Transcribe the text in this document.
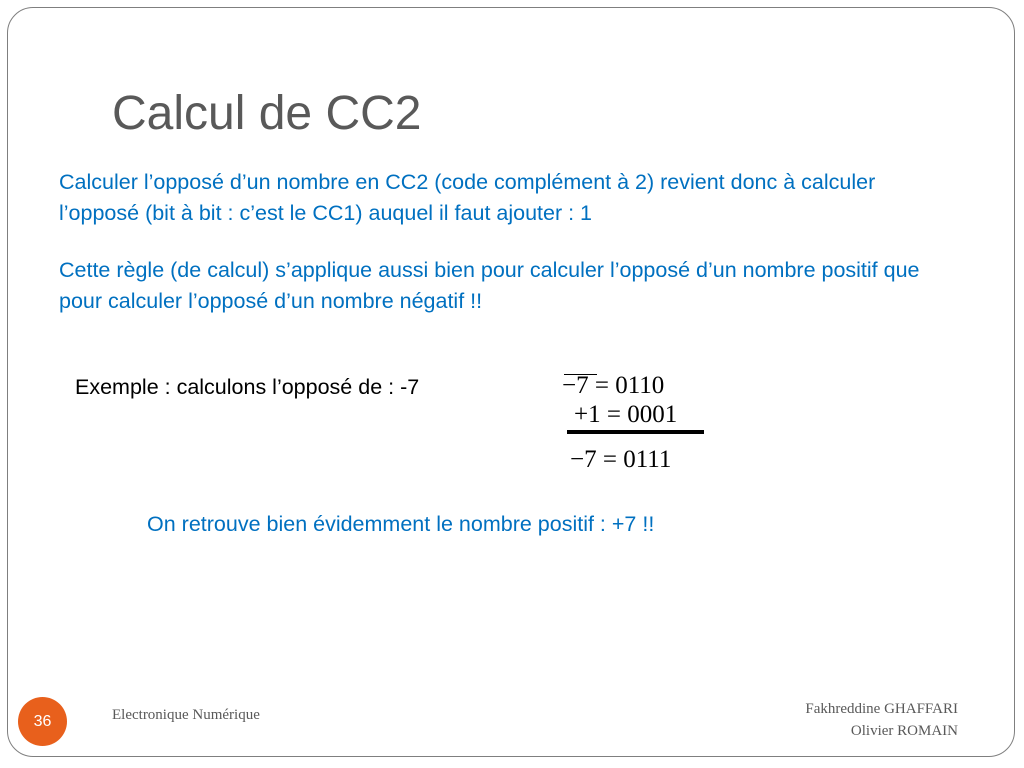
Calcul de CC2

Calculer l’opposé d’un nombre en CC2 (code complément à 2) revient donc à calculer l’opposé (bit à bit : c’est le CC1) auquel il faut ajouter : 1

Cette règle (de calcul) s’applique aussi bien pour calculer l’opposé d’un nombre positif que pour calculer l’opposé d’un nombre négatif !!

Exemple : calculons l’opposé de : -7	−7 = 0110
+1 = 0001
−7 = 0111
On retrouve bien évidemment le nombre positif : +7 !!
36	Electronique Numérique	Fakhreddine GHAFFARI
Olivier ROMAIN
